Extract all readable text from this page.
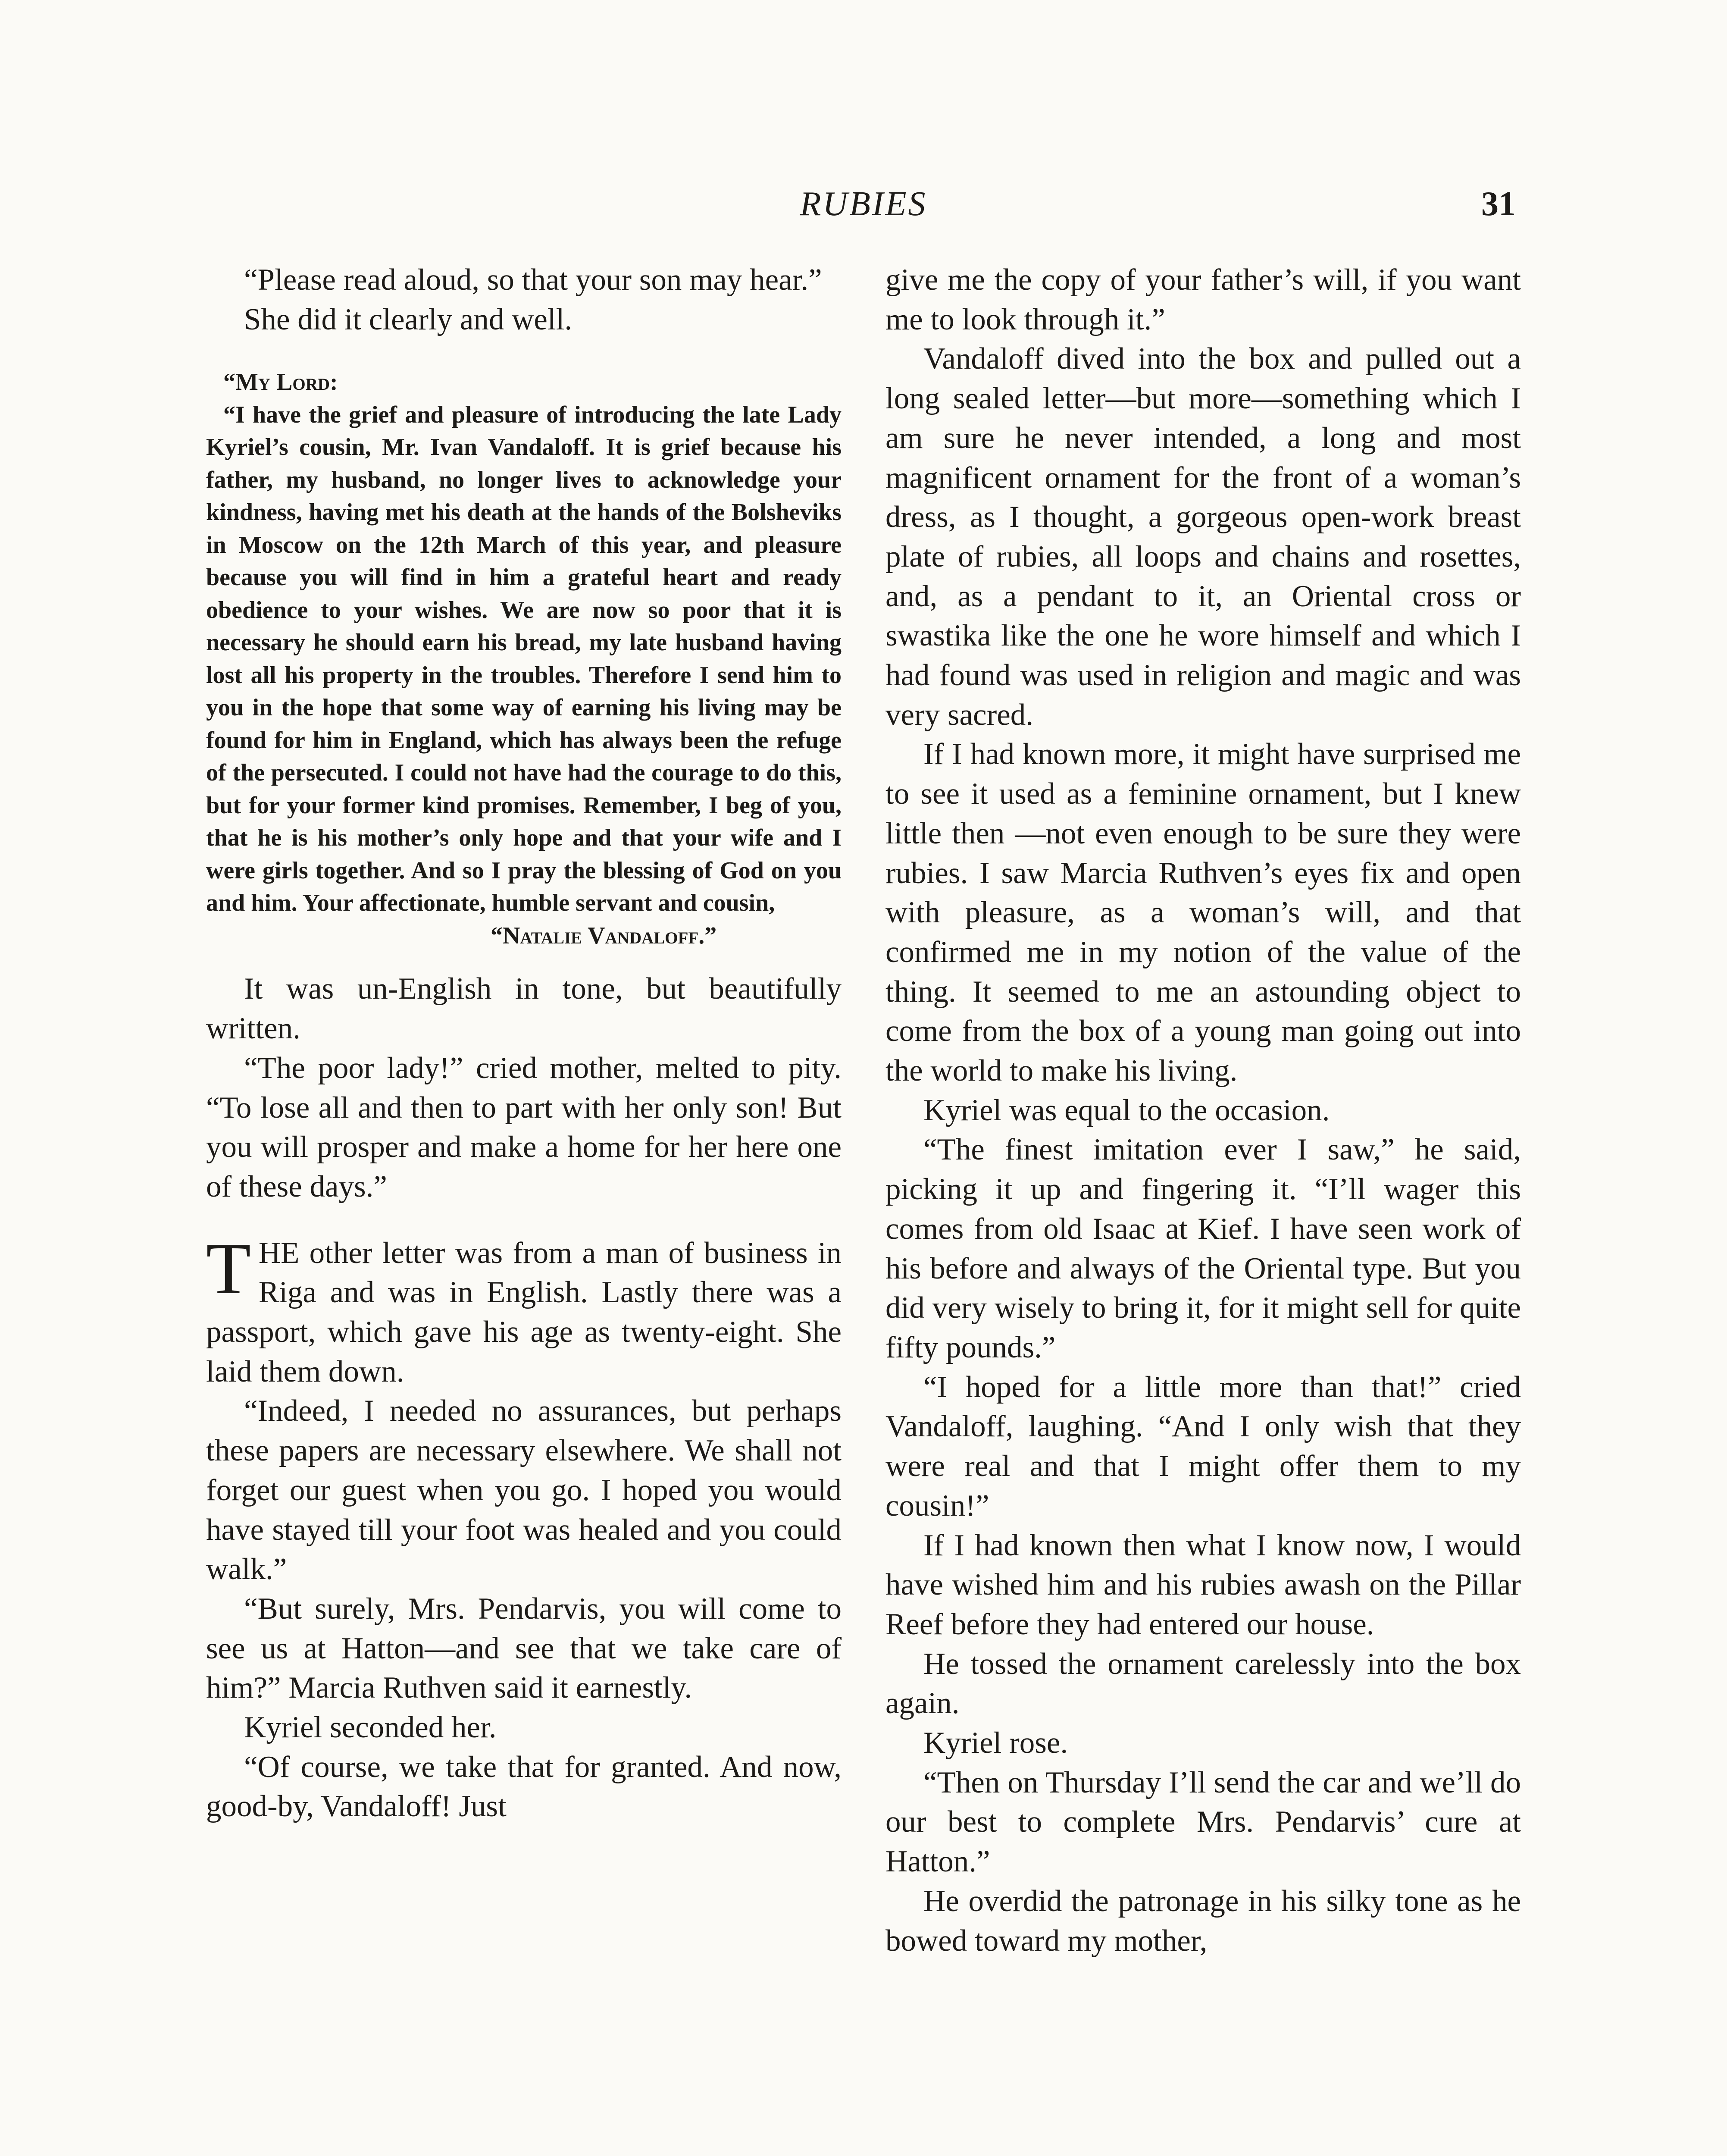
RUBIES	31

“Please read aloud, so that your son may hear.”

She did it clearly and well.

“My Lord:

“I have the grief and pleasure of introducing the late Lady Kyriel’s cousin, Mr. Ivan Vandaloff. It is grief because his father, my husband, no longer lives to acknowledge your kindness, having met his death at the hands of the Bolsheviks in Moscow on the 12th March of this year, and pleasure because you will find in him a grateful heart and ready obedience to your wishes. We are now so poor that it is necessary he should earn his bread, my late husband having lost all his property in the troubles. Therefore I send him to you in the hope that some way of earning his living may be found for him in England, which has always been the refuge of the persecuted. I could not have had the courage to do this, but for your former kind promises. Remember, I beg of you, that he is his mother’s only hope and that your wife and I were girls together. And so I pray the blessing of God on you and him. Your affectionate, humble servant and cousin,

“Natalie Vandaloff.”

It was un-English in tone, but beautifully written.

“The poor lady!” cried mother, melted to pity. “To lose all and then to part with her only son! But you will prosper and make a home for her here one of these days.”

T HE other letter was from a man of business in Riga and was in English. Lastly there was a passport, which gave his age as twenty-eight. She laid them down.

“Indeed, I needed no assurances, but perhaps these papers are necessary elsewhere. We shall not forget our guest when you go. I hoped you would have stayed till your foot was healed and you could walk.”

“But surely, Mrs. Pendarvis, you will come to see us at Hatton—and see that we take care of him?” Marcia Ruthven said it earnestly.

Kyriel seconded her.

“Of course, we take that for granted. And now, good-by, Vandaloff! Just

give me the copy of your father’s will, if you want me to look through it.”

Vandaloff dived into the box and pulled out a long sealed letter—but more—something which I am sure he never intended, a long and most magnificent ornament for the front of a woman’s dress, as I thought, a gorgeous open-work breast plate of rubies, all loops and chains and rosettes, and, as a pendant to it, an Oriental cross or swastika like the one he wore himself and which I had found was used in religion and magic and was very sacred.

If I had known more, it might have surprised me to see it used as a feminine ornament, but I knew little then —not even enough to be sure they were rubies. I saw Marcia Ruthven’s eyes fix and open with pleasure, as a woman’s will, and that confirmed me in my notion of the value of the thing. It seemed to me an astounding object to come from the box of a young man going out into the world to make his living.

Kyriel was equal to the occasion.

“The finest imitation ever I saw,” he said, picking it up and fingering it. “I’ll wager this comes from old Isaac at Kief. I have seen work of his before and always of the Oriental type. But you did very wisely to bring it, for it might sell for quite fifty pounds.”

“I hoped for a little more than that!” cried Vandaloff, laughing. “And I only wish that they were real and that I might offer them to my cousin!”

If I had known then what I know now, I would have wished him and his rubies awash on the Pillar Reef before they had entered our house.

He tossed the ornament carelessly into the box again.

Kyriel rose.

“Then on Thursday I’ll send the car and we’ll do our best to complete Mrs. Pendarvis’ cure at Hatton.”

He overdid the patronage in his silky tone as he bowed toward my mother,
